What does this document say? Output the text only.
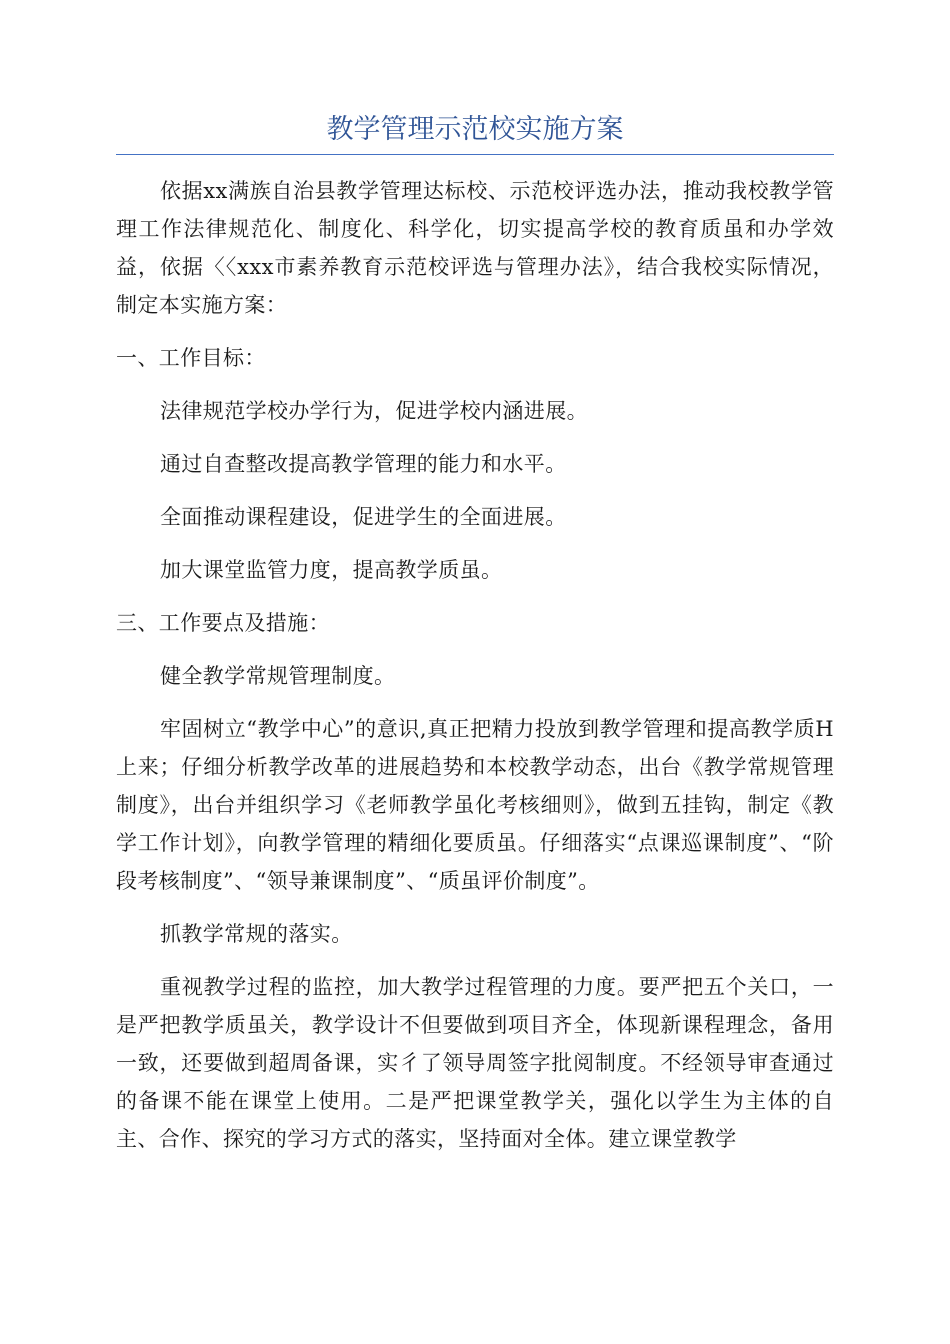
教学管理示范校实施方案

依据xx满族自治县教学管理达标校、示范校评选办法，推动我校教学管理工作法律规范化、制度化、科学化，切实提高学校的教育质虽和办学效益，依据〈〈xxx市素养教育示范校评选与管理办法》，结合我校实际情况，制定本实施方案：

一、工作目标：

法律规范学校办学行为，促进学校内涵进展。

通过自查整改提高教学管理的能力和水平。

全面推动课程建设，促进学生的全面进展。

加大课堂监管力度，提高教学质虽。

三、工作要点及措施：

健全教学常规管理制度。

牢固树立“教学中心”的意识,真正把精力投放到教学管理和提高教学质H上来；仔细分析教学改革的进展趋势和本校教学动态，出台《教学常规管理制度》，出台并组织学习《老师教学虽化考核细则》，做到五挂钩，制定《教学工作计划》，向教学管理的精细化要质虽。仔细落实“点课巡课制度”、“阶段考核制度”、“领导兼课制度”、“质虽评价制度”。

抓教学常规的落实。

重视教学过程的监控，加大教学过程管理的力度。要严把五个关口，一是严把教学质虽关，教学设计不但要做到项目齐全，体现新课程理念，备用一致，还要做到超周备课，实彳了领导周签字批阅制度。不经领导审查通过的备课不能在课堂上使用。二是严把课堂教学关，强化以学生为主体的自主、合作、探究的学习方式的落实，坚持面对全体。建立课堂教学
